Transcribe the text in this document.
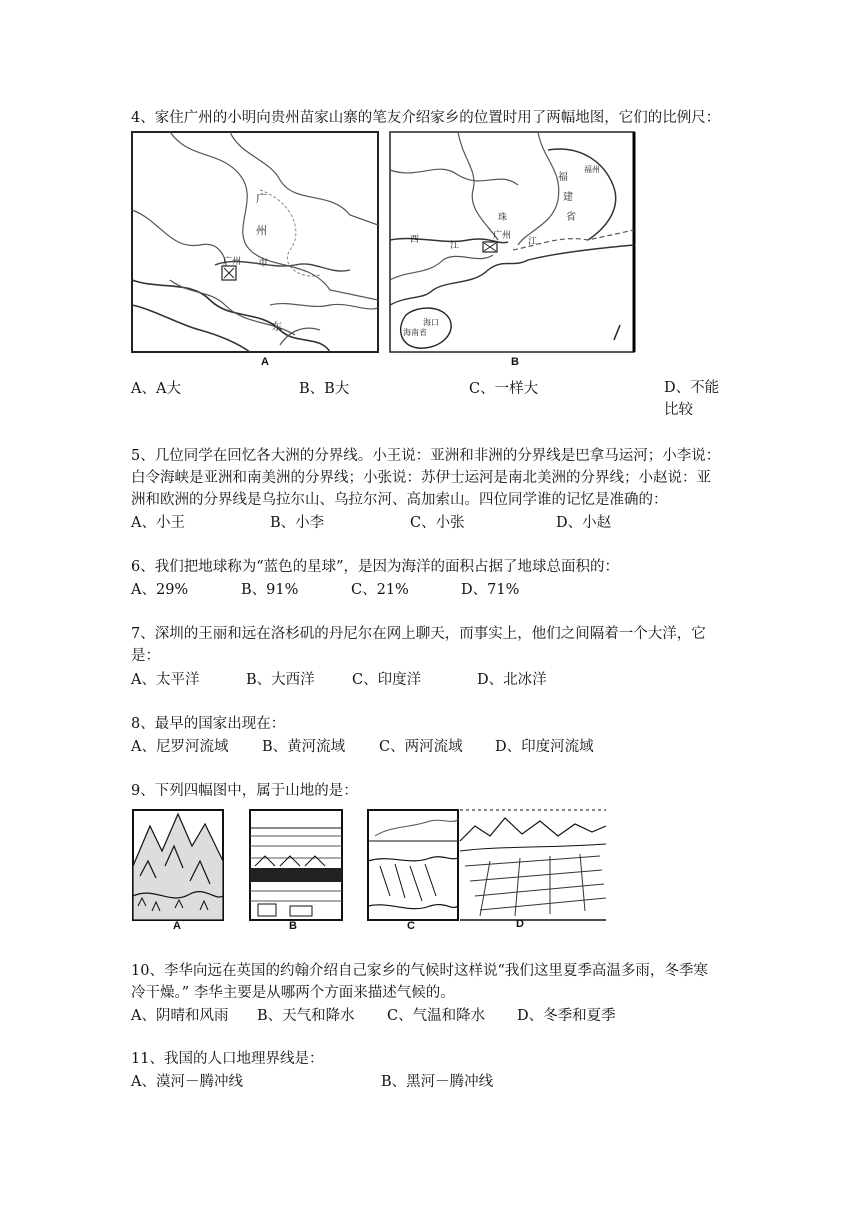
4、家住广州的小明向贵州苗家山寨的笔友介绍家乡的位置时用了两幅地图，它们的比例尺：
广
州
广州 市
东
A
福
建
省
福州
西
江
广州
珠
江
海口
海南省
B
A、A大	B、B大	C、一样大	D、不能比较
5、几位同学在回忆各大洲的分界线。小王说：亚洲和非洲的分界线是巴拿马运河；小李说：
白令海峡是亚洲和南美洲的分界线；小张说：苏伊士运河是南北美洲的分界线；小赵说：亚
洲和欧洲的分界线是乌拉尔山、乌拉尔河、高加索山。四位同学谁的记忆是准确的：
A、小王	B、小李	C、小张	D、小赵
6、我们把地球称为“蓝色的星球”，是因为海洋的面积占据了地球总面积的：
A、29%	B、91%	C、21%	D、71%
7、深圳的王丽和远在洛杉矶的丹尼尔在网上聊天，而事实上，他们之间隔着一个大洋，它
是：
A、太平洋	B、大西洋	C、印度洋	D、北冰洋
8、最早的国家出现在：
A、尼罗河流域 B、黄河流域 C、两河流域 D、印度河流域
9、下列四幅图中，属于山地的是：
A	B	C	D
10、李华向远在英国的约翰介绍自己家乡的气候时这样说“我们这里夏季高温多雨，冬季寒
冷干燥。” 李华主要是从哪两个方面来描述气候的。
A、阴晴和风雨 B、天气和降水 C、气温和降水 D、冬季和夏季
11、我国的人口地理界线是：
A、漠河－腾冲线	B、黑河－腾冲线
